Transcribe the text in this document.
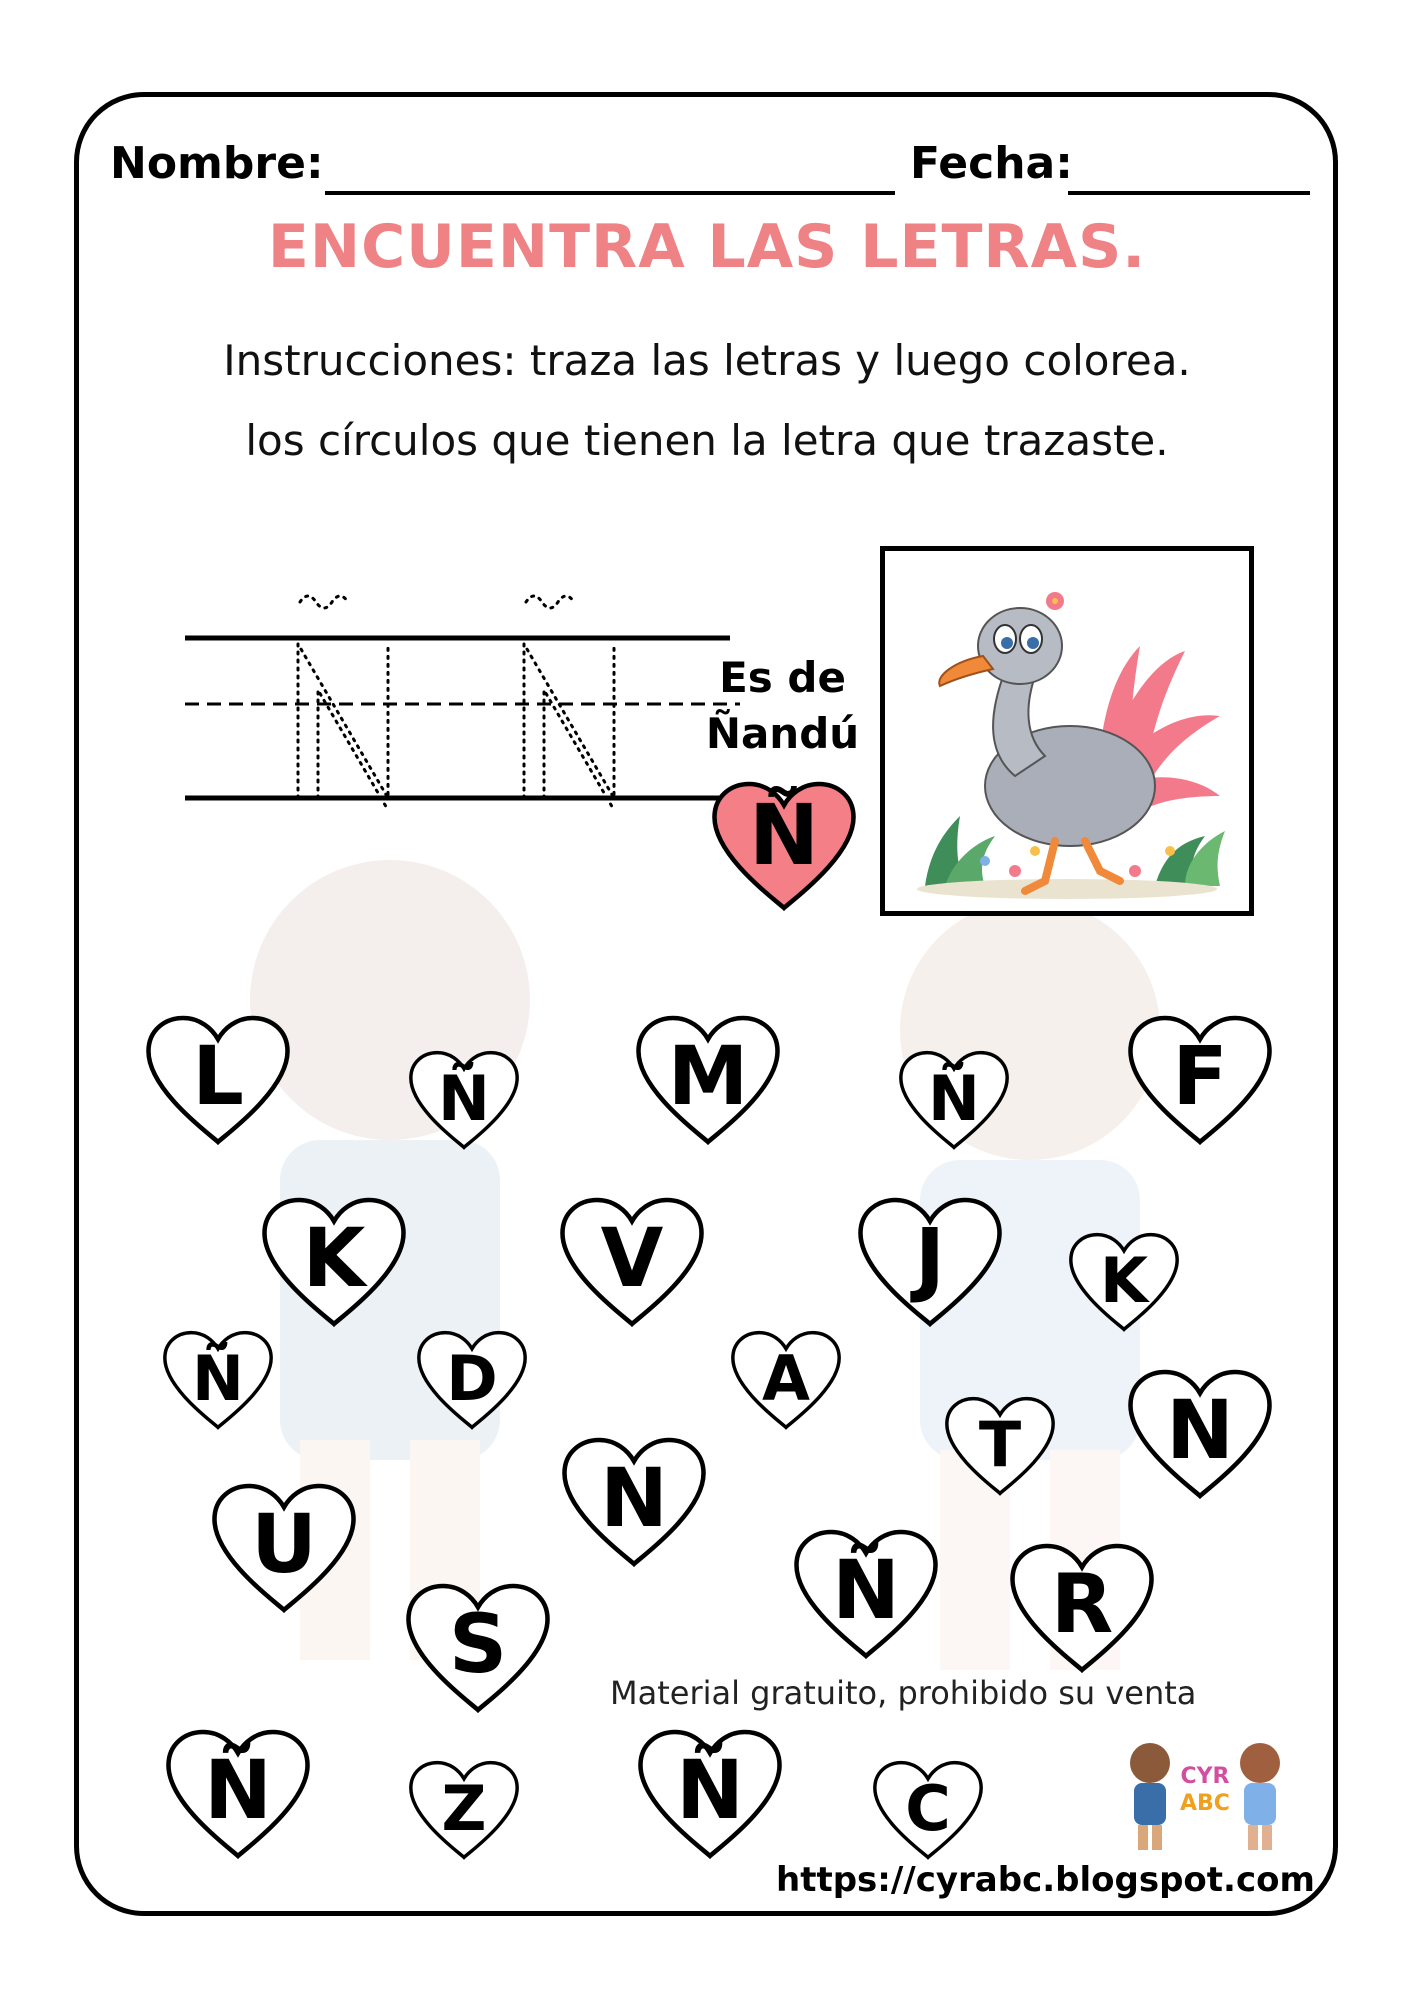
Nombre:	Fecha:
ENCUENTRA LAS LETRAS.
Instrucciones: traza las letras y luego colorea.
los círculos que tienen la letra que trazaste.
Es de
Ñandú
Ñ
L	Ñ	M	Ñ	F
K	V	J	K
Ñ	D	A
T	N
U	N
Ñ	R
S
Ñ	Z	Ñ	C
Material gratuito, prohibido su venta
CYR
ABC
https://cyrabc.blogspot.com
